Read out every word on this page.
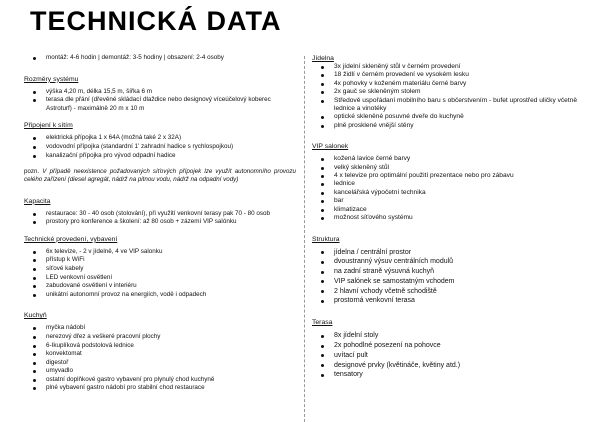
TECHNICKÁ DATA
montáž: 4-6 hodin | demontáž: 3-5 hodiny | obsazení: 2-4 osoby

Rozměry systému

výška 4,20 m, délka 15,5 m, šířka 6 m
terasa dle přání (dřevěné skládací dlaždice nebo designový víceúčelový koberec Astroturf) - maximálně 20 m x 10 m

Připojení k sítím

elektrická přípojka 1 x 64A (možná také 2 x 32A)
vodovodní přípojka (standardní 1' zahradní hadice s rychlospojkou)
kanalizační přípojka pro vývod odpadní hadice

pozn. V případě neexistence požadovaných síťových přípojek lze využít autonomního provozu celého zařízení (diesel agregát, nádrž na pitnou vodu, nádrž na odpadní vody)

Kapacita

restaurace: 30 - 40 osob (stolování), při využití venkovní terasy pak 70 - 80 osob
prostory pro konference a školení: až 80 osob + zázemí VIP salónku

Technické provedení, vybavení

6x televize, - 2 v jídelně, 4 ve VIP salonku
přístup k WiFi
síťové kabely
LED venkovní osvětlení
zabudované osvětlení v interiéru
unikátní autonomní provoz na energiích, vodě i odpadech

Kuchyň

myčka nádobí
nerezový dřez a veškeré pracovní plochy
6-Ikuplíková podstolová lednice
konvektomat
digestoř
umyvadlo
ostatní doplňkové gastro vybavení pro plynulý chod kuchyně
plné vybavení gastro nádobí pro stabilní chod restaurace

Jídelna

3x jídelní skleněný stůl v černém provedení
18 židlí v černém provedení ve vysokém lesku
4x pohovky v koženém materiálu černé barvy
2x gauč se skleněným stolem
Středově uspořádaní mobilního baru s občerstvením - bufet uprostřed uličky včetně lednice a vinotéky
optické skleněné posuvné dveře do kuchyně
plně prosklené vnější stěny

VIP salonek

kožená lavice černé barvy
velký skleněný stůl
4 x televize pro optimální použití prezentace nebo pro zábavu
lednice
kancelářská výpočetní technika
bar
klimatizace
možnost síťového systému

Struktura

jídelna / centrální prostor
dvoustranný výsuv centrálních modulů
na zadní straně výsuvná kuchyň
VIP salónek se samostatným vchodem
2 hlavní vchody včetně schodiště
prostorná venkovní terasa

Terasa

8x jídelní stoly
2x pohodlné posezení na pohovce
uvítací pult
designové prvky (květináče, květiny atd.)
tensatory
